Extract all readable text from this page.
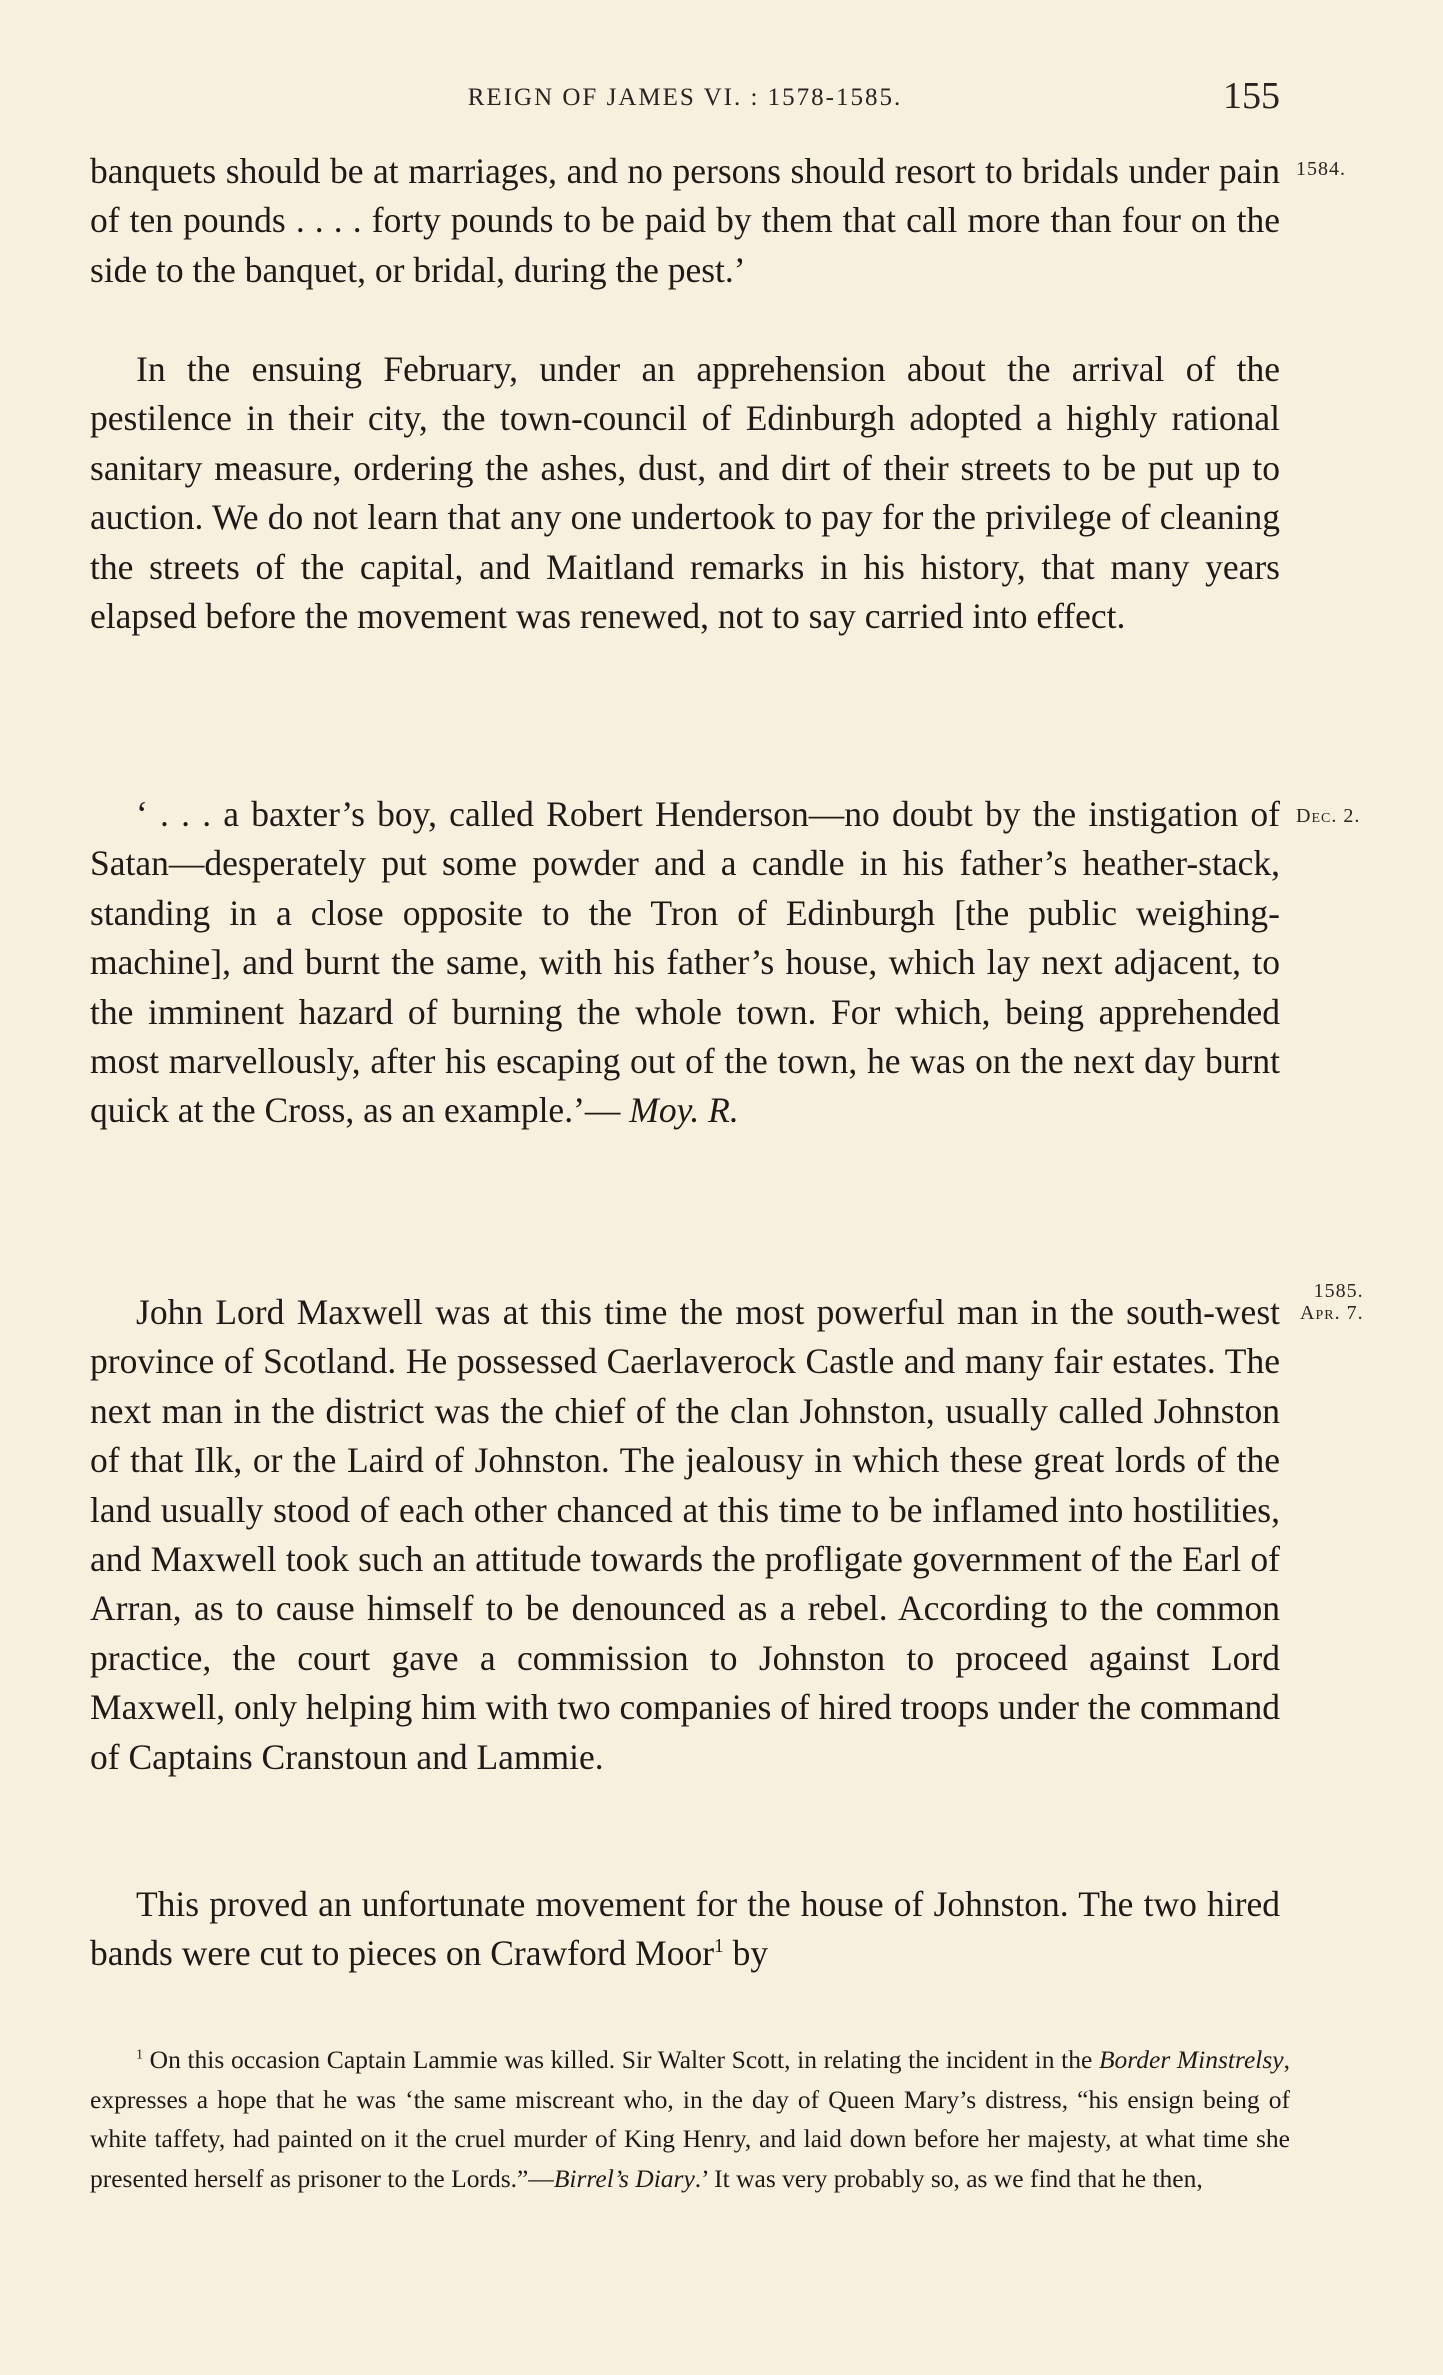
REIGN OF JAMES VI. : 1578-1585.	155
1584.
Dec. 2.
1585.
Apr. 7.

banquets should be at marriages, and no persons should resort to bridals under pain of ten pounds . . . . forty pounds to be paid by them that call more than four on the side to the banquet, or bridal, during the pest.’

In the ensuing February, under an apprehension about the arrival of the pestilence in their city, the town-council of Edinburgh adopted a highly rational sanitary measure, ordering the ashes, dust, and dirt of their streets to be put up to auction. We do not learn that any one undertook to pay for the privilege of cleaning the streets of the capital, and Maitland remarks in his history, that many years elapsed before the movement was renewed, not to say carried into effect.

‘ . . . a baxter’s boy, called Robert Henderson—no doubt by the instigation of Satan—desperately put some powder and a candle in his father’s heather-stack, standing in a close opposite to the Tron of Edinburgh [the public weighing-machine], and burnt the same, with his father’s house, which lay next adjacent, to the imminent hazard of burning the whole town. For which, being apprehended most marvellously, after his escaping out of the town, he was on the next day burnt quick at the Cross, as an example.’— Moy. R.

John Lord Maxwell was at this time the most powerful man in the south-west province of Scotland. He possessed Caerlaverock Castle and many fair estates. The next man in the district was the chief of the clan Johnston, usually called Johnston of that Ilk, or the Laird of Johnston. The jealousy in which these great lords of the land usually stood of each other chanced at this time to be inflamed into hostilities, and Maxwell took such an attitude towards the profligate government of the Earl of Arran, as to cause himself to be denounced as a rebel. According to the common practice, the court gave a commission to Johnston to proceed against Lord Maxwell, only helping him with two companies of hired troops under the command of Captains Cranstoun and Lammie.

This proved an unfortunate movement for the house of Johnston. The two hired bands were cut to pieces on Crawford Moor$^1$ by

$^1$ On this occasion Captain Lammie was killed. Sir Walter Scott, in relating the incident in the Border Minstrelsy, expresses a hope that he was ‘the same miscreant who, in the day of Queen Mary’s distress, “his ensign being of white taffety, had painted on it the cruel murder of King Henry, and laid down before her majesty, at what time she presented herself as prisoner to the Lords.”—Birrel’s Diary.’ It was very probably so, as we find that he then,
